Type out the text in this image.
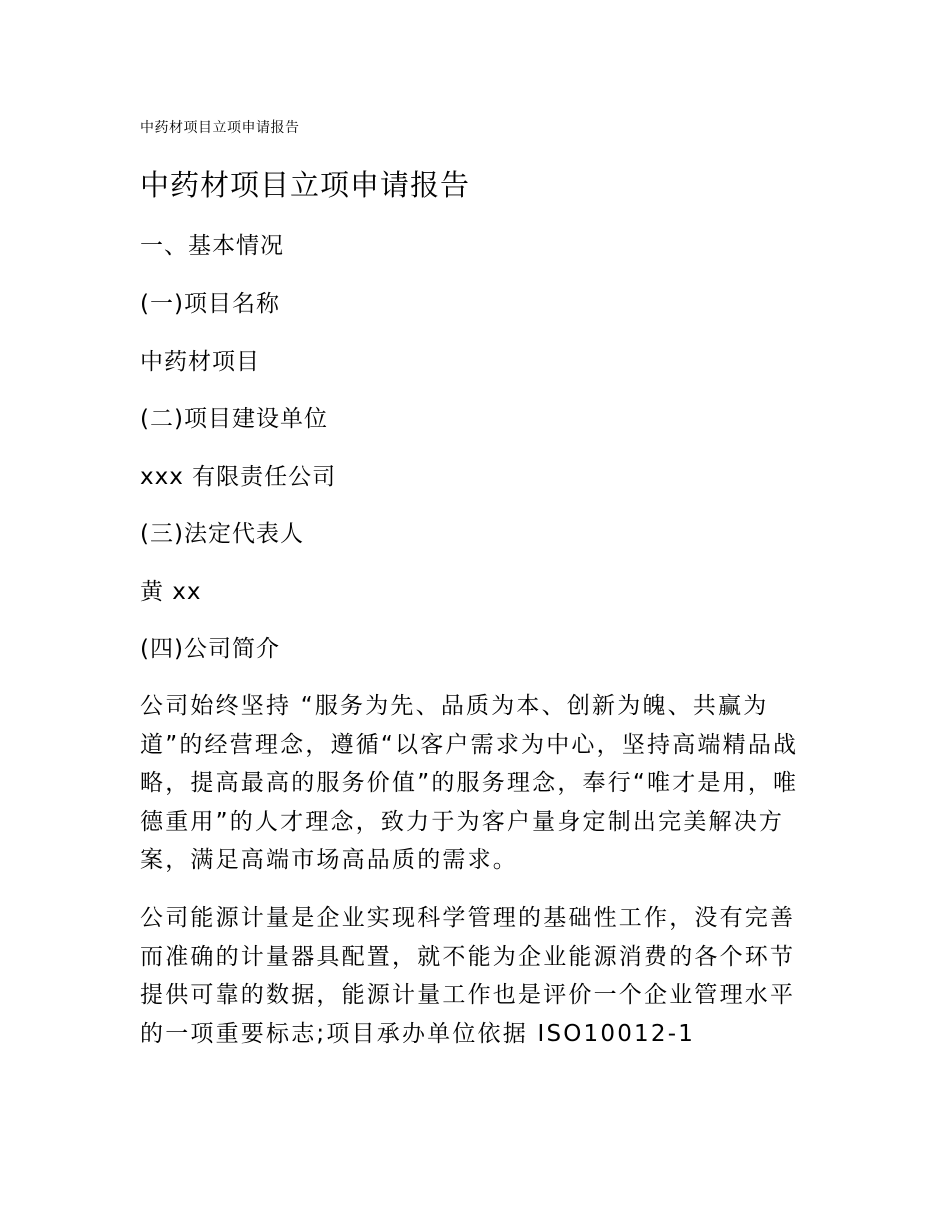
中药材项目立项申请报告
中药材项目立项申请报告
一、基本情况
(一)项目名称
中药材项目
(二)项目建设单位
xxx 有限责任公司
(三)法定代表人
黄 xx
(四)公司简介

公司始终坚持 “服务为先、品质为本、创新为魄、共赢为道”的经营理念，遵循“以客户需求为中心，坚持高端精品战略，提高最高的服务价值”的服务理念，奉行“唯才是用，唯德重用”的人才理念，致力于为客户量身定制出完美解决方案，满足高端市场高品质的需求。

公司能源计量是企业实现科学管理的基础性工作，没有完善而准确的计量器具配置，就不能为企业能源消费的各个环节提供可靠的数据，能源计量工作也是评价一个企业管理水平的一项重要标志;项目承办单位依据 ISO10012-1
